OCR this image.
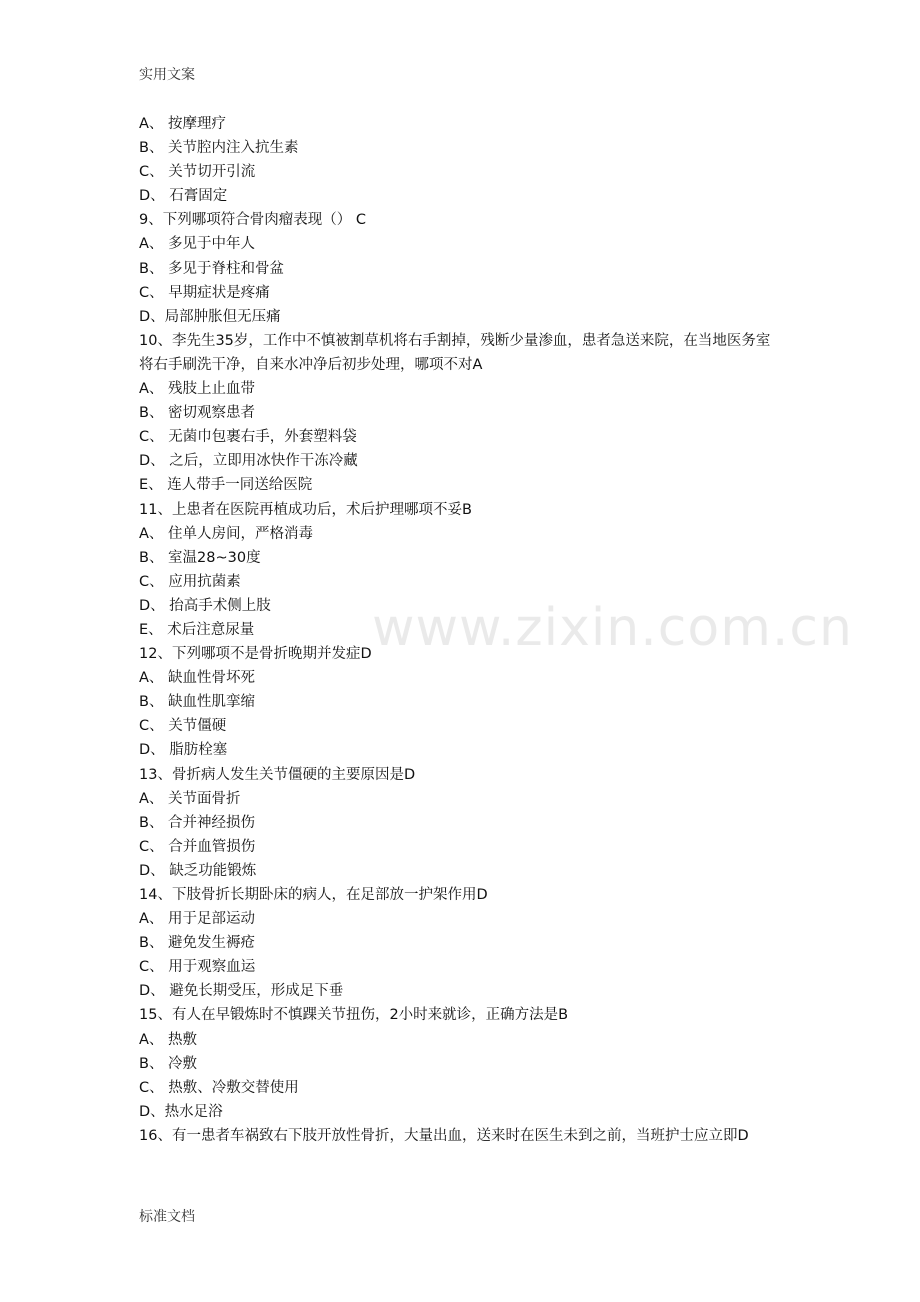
实用文案
www.zixin.com.cn
A、 按摩理疗
B、 关节腔内注入抗生素
C、 关节切开引流
D、 石膏固定
9、下列哪项符合骨肉瘤表现（） C
A、 多见于中年人
B、 多见于脊柱和骨盆
C、 早期症状是疼痛
D、局部肿胀但无压痛
10、李先生35岁，工作中不慎被割草机将右手割掉，残断少量渗血，患者急送来院，在当地医务室将右手刷洗干净，自来水冲净后初步处理，哪项不对A
A、 残肢上止血带
B、 密切观察患者
C、 无菌巾包裹右手，外套塑料袋
D、 之后，立即用冰快作干冻冷藏
E、 连人带手一同送给医院
11、上患者在医院再植成功后，术后护理哪项不妥B
A、 住单人房间，严格消毒
B、 室温28~30度
C、 应用抗菌素
D、 抬高手术侧上肢
E、 术后注意尿量
12、下列哪项不是骨折晚期并发症D
A、 缺血性骨坏死
B、 缺血性肌挛缩
C、 关节僵硬
D、 脂肪栓塞
13、骨折病人发生关节僵硬的主要原因是D
A、 关节面骨折
B、 合并神经损伤
C、 合并血管损伤
D、 缺乏功能锻炼
14、下肢骨折长期卧床的病人，在足部放一护架作用D
A、 用于足部运动
B、 避免发生褥疮
C、 用于观察血运
D、 避免长期受压，形成足下垂
15、有人在早锻炼时不慎踝关节扭伤，2小时来就诊，正确方法是B
A、 热敷
B、 冷敷
C、 热敷、冷敷交替使用
D、热水足浴
16、有一患者车祸致右下肢开放性骨折，大量出血，送来时在医生未到之前，当班护士应立即D
标准文档
